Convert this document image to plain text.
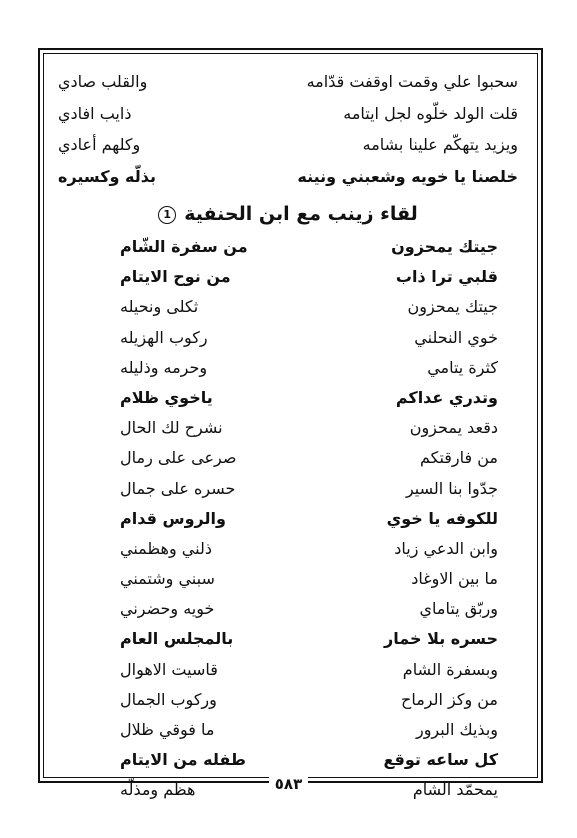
سحبوا علي وقمت اوقفت قدّامه
والقلب صادي
قلت الولد خلّوه لجل ايتامه
ذايب افادي
ويزيد يتهكّم علينا بشامه
وكلهم أعادي
خلصنا يا خويه وشعبني ونينه
بذلّه وكسيره
لقاء زينب مع ابن الحنفية1
جيتك يمحزون
من سفرة الشّام
قلبي ترا ذاب
من نوح الايتام
جيتك يمحزون
ثكلى ونحيله
خوي النحلني
ركوب الهزيله
كثرة يتامي
وحرمه وذليله
وتدري عداكم
ياخوي ظلام
دقعد يمحزون
نشرح لك الحال
من فارقتكم
صرعى على رمال
جدّوا بنا السير
حسره على جمال
للكوفه يا خوي
والروس قدام
وابن الدعي زياد
ذلني وهظمني
ما بين الاوغاد
سبني وشتمني
وربّق يتاماي
خويه وحضرني
حسره بلا خمار
بالمجلس العام
وبسفرة الشام
قاسيت الاهوال
من وكز الرماح
وركوب الجمال
وبذيك البرور
ما فوقي ظلال
كل ساعه توقع
طفله من الايتام
يمحمّد الشام
هظم ومذلّه	٥٨٣
